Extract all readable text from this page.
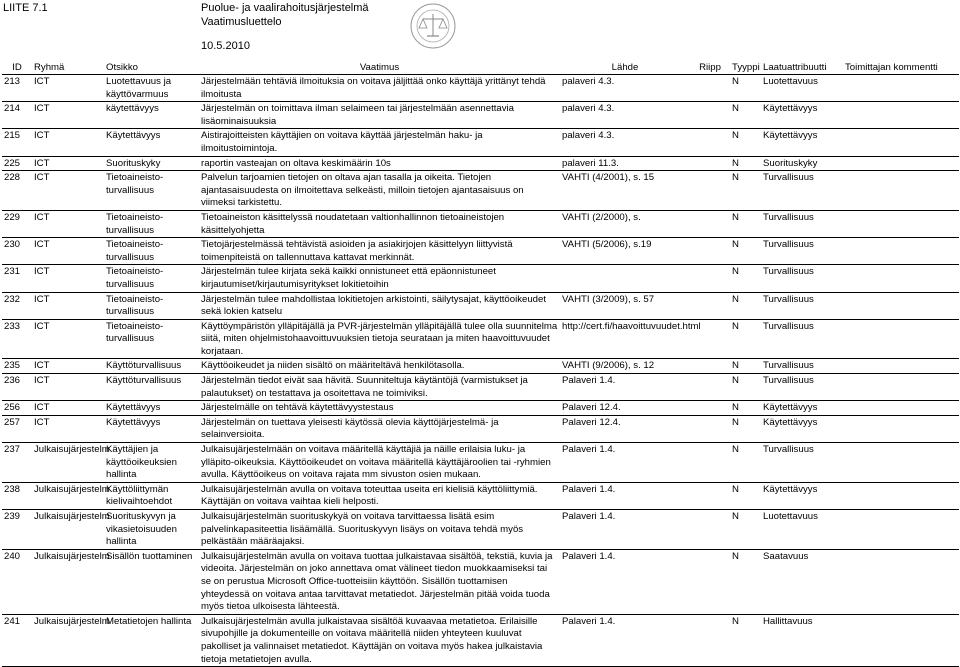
LIITE 7.1	Puolue- ja vaalirahoitusjärjestelmä
Vaatimusluettelo
10.5.2010
ID	Ryhmä	Otsikko	Vaatimus	Lähde	Riipp	Tyyppi	Laatuattribuutti	Toimittajan kommentti
213	ICT	Luotettavuus ja käyttövarmuus	Järjestelmään tehtäviä ilmoituksia on voitava jäljittää onko käyttäjä yrittänyt tehdä ilmoitusta	palaveri 4.3.		N	Luotettavuus	
214	ICT	käytettävyys	Järjestelmän on toimittava ilman selaimeen tai järjestelmään asennettavia lisäominaisuuksia	palaveri 4.3.		N	Käytettävyys	
215	ICT	Käytettävyys	Aistirajoitteisten käyttäjien on voitava käyttää järjestelmän haku- ja ilmoitustoimintoja.	palaveri 4.3.		N	Käytettävyys	
225	ICT	Suorituskyky	raportin vasteajan on oltava keskimäärin 10s	palaveri 11.3.		N	Suorituskyky	
228	ICT	Tietoaineisto-turvallisuus	Palvelun tarjoamien tietojen on oltava ajan tasalla ja oikeita. Tietojen ajantasaisuudesta on ilmoitettava selkeästi, milloin tietojen ajantasaisuus on viimeksi tarkistettu.	VAHTI (4/2001), s. 15		N	Turvallisuus	
229	ICT	Tietoaineisto-turvallisuus	Tietoaineiston käsittelyssä noudatetaan valtionhallinnon tietoaineistojen käsittelyohjetta	VAHTI (2/2000), s.		N	Turvallisuus	
230	ICT	Tietoaineisto-turvallisuus	Tietojärjestelmässä tehtävistä asioiden ja asiakirjojen käsittelyyn liittyvistä toimenpiteistä on tallennuttava kattavat merkinnät.	VAHTI (5/2006), s.19		N	Turvallisuus	
231	ICT	Tietoaineisto-turvallisuus	Järjestelmän tulee kirjata sekä kaikki onnistuneet että epäonnistuneet kirjautumiset/kirjautumisyritykset lokitietoihin			N	Turvallisuus	
232	ICT	Tietoaineisto-turvallisuus	Järjestelmän tulee mahdollistaa lokitietojen arkistointi, säilytysajat, käyttöoikeudet sekä lokien katselu	VAHTI (3/2009), s. 57		N	Turvallisuus	
233	ICT	Tietoaineisto-turvallisuus	Käyttöympäristön ylläpitäjällä ja PVR-järjestelmän ylläpitäjällä tulee olla suunnitelma siitä, miten ohjelmistohaavoittuvuuksien tietoja seurataan ja miten haavoittuvuudet korjataan.	http://cert.fi/haavoittuvuudet.html		N	Turvallisuus	
235	ICT	Käyttöturvallisuus	Käyttöoikeudet ja niiden sisältö on määriteltävä henkilötasolla.	VAHTI (9/2006), s. 12		N	Turvallisuus	
236	ICT	Käyttöturvallisuus	Järjestelmän tiedot eivät saa hävitä. Suunniteltuja käytäntöjä (varmistukset ja palautukset) on testattava ja osoitettava ne toimiviksi.	Palaveri 1.4.		N	Turvallisuus	
256	ICT	Käytettävyys	Järjestelmälle on tehtävä käytettävyystestaus	Palaveri 12.4.		N	Käytettävyys	
257	ICT	Käytettävyys	Järjestelmän on tuettava yleisesti käytössä olevia käyttöjärjestelmä- ja selainversioita.	Palaveri 12.4.		N	Käytettävyys	
237	Julkaisujärjestelm	Käyttäjien ja käyttöoikeuksien hallinta	Julkaisujärjestelmään on voitava määritellä käyttäjiä ja näille erilaisia luku- ja ylläpito-oikeuksia. Käyttöoikeudet on voitava määritellä käyttäjäroolien tai -ryhmien avulla. Käyttöoikeus on voitava rajata mm sivuston osien mukaan.	Palaveri 1.4.		N	Turvallisuus	
238	Julkaisujärjestelm	Käyttöliittymän kielivaihtoehdot	Julkaisujärjestelmän avulla on voitava toteuttaa useita eri kielisiä käyttöliittymiä. Käyttäjän on voitava vaihtaa kieli helposti.	Palaveri 1.4.		N	Käytettävyys	
239	Julkaisujärjestelm	Suorituskyvyn ja vikasietoisuuden hallinta	Julkaisujärjestelmän suorituskykyä on voitava tarvittaessa lisätä esim palvelinkapasiteettia lisäämällä. Suorituskyvyn lisäys on voitava tehdä myös pelkästään määräajaksi.	Palaveri 1.4.		N	Luotettavuus	
240	Julkaisujärjestelm	Sisällön tuottaminen	Julkaisujärjestelmän avulla on voitava tuottaa julkaistavaa sisältöä, tekstiä, kuvia ja videoita. Järjestelmän on joko annettava omat välineet tiedon muokkaamiseksi tai se on perustua Microsoft Office-tuotteisiin käyttöön. Sisällön tuottamisen yhteydessä on voitava antaa tarvittavat metatiedot. Järjestelmän pitää voida tuoda myös tietoa ulkoisesta lähteestä.	Palaveri 1.4.		N	Saatavuus	
241	Julkaisujärjestelm	Metatietojen hallinta	Julkaisujärjestelmän avulla julkaistavaa sisältöä kuvaavaa metatietoa. Erilaisille sivupohjille ja dokumenteille on voitava määritellä niiden yhteyteen kuuluvat pakolliset ja valinnaiset metatiedot. Käyttäjän on voitava myös hakea julkaistavia tietoja metatietojen avulla.	Palaveri 1.4.		N	Hallittavuus	
